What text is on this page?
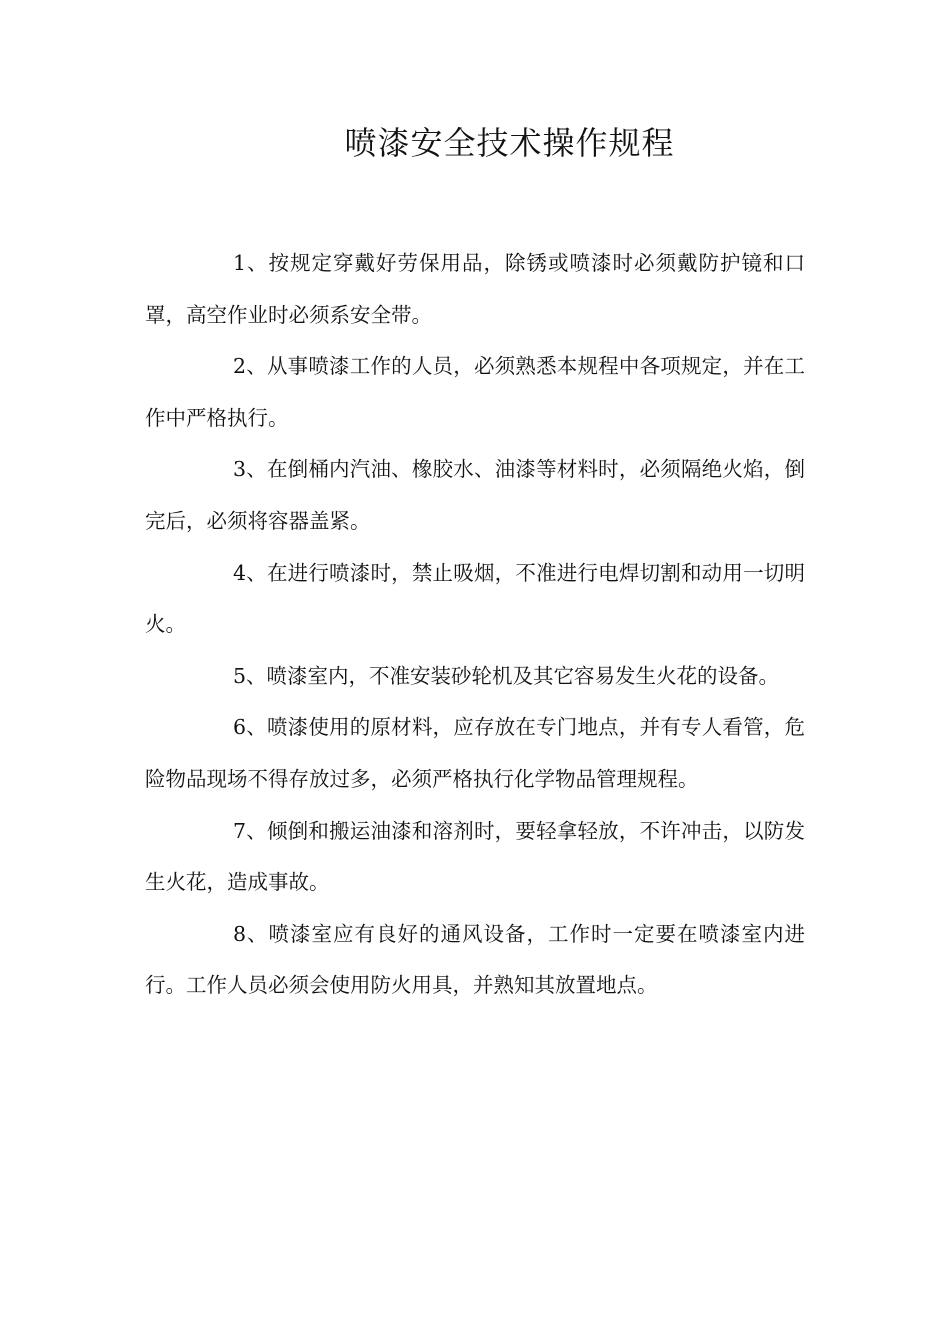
喷漆安全技术操作规程

1、按规定穿戴好劳保用品，除锈或喷漆时必须戴防护镜和口罩，高空作业时必须系安全带。

2、从事喷漆工作的人员，必须熟悉本规程中各项规定，并在工作中严格执行。

3、在倒桶内汽油、橡胶水、油漆等材料时，必须隔绝火焰，倒完后，必须将容器盖紧。

4、在进行喷漆时，禁止吸烟，不准进行电焊切割和动用一切明火。

5、喷漆室内，不准安装砂轮机及其它容易发生火花的设备。

6、喷漆使用的原材料，应存放在专门地点，并有专人看管，危险物品现场不得存放过多，必须严格执行化学物品管理规程。

7、倾倒和搬运油漆和溶剂时，要轻拿轻放，不许冲击，以防发生火花，造成事故。

8、喷漆室应有良好的通风设备，工作时一定要在喷漆室内进行。工作人员必须会使用防火用具，并熟知其放置地点。
